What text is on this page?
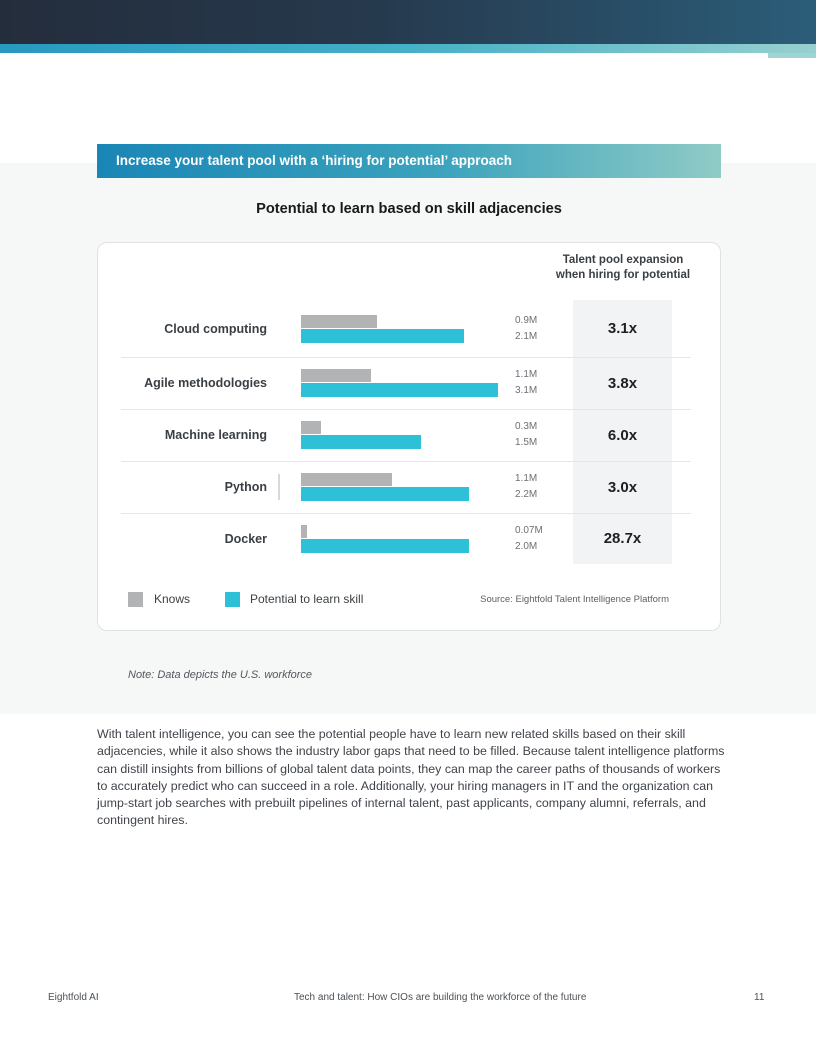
Increase your talent pool with a ‘hiring for potential’ approach
Potential to learn based on skill adjacencies
Talent pool expansion
when hiring for potential
Cloud computing
0.9M
2.1M	3.1x
Agile methodologies
1.1M
3.1M	3.8x
Machine learning
0.3M
1.5M	6.0x
Python
1.1M
2.2M	3.0x
Docker
0.07M
2.0M	28.7x
Knows	Potential to learn skill	Source: Eightfold Talent Intelligence Platform
Note: Data depicts the U.S. workforce
With talent intelligence, you can see the potential people have to learn new related skills based on their skill adjacencies, while it also shows the industry labor gaps that need to be filled. Because talent intelligence platforms can distill insights from billions of global talent data points, they can map the career paths of thousands of workers to accurately predict who can succeed in a role. Additionally, your hiring managers in IT and the organization can jump-start job searches with prebuilt pipelines of internal talent, past applicants, company alumni, referrals, and contingent hires.
Eightfold AI	Tech and talent: How CIOs are building the workforce of the future	11
